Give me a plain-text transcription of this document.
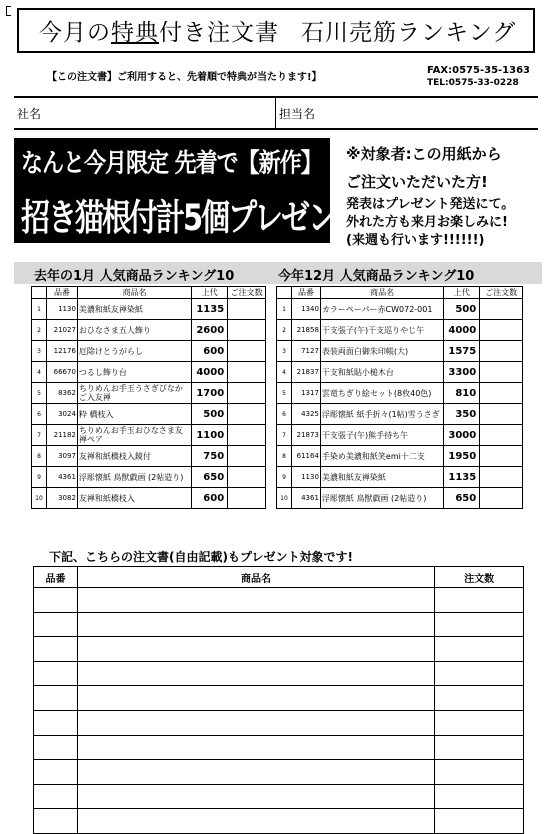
今月の 特典 付き注文書 石川売筋ランキング
【この注文書】ご利用すると、先着順で特典が当たります!】
FAX:0575-35-1363
TEL:0575-33-0228
社名	担当名
なんと今月限定 先着で【新作】
招き猫根付計5個プレゼント!
※対象者:この用紙から
ご注文いただいた方!
発表はプレゼント発送にて。
外れた方も来月お楽しみに!
(来週も行います!!!!!!)
去年の1月 人気商品ランキング10	今年12月 人気商品ランキング10
	品番	商品名	上代	ご注文数
1	1130	美濃和紙友禅染紙	1135	
2	21027	おひなさま五人飾り	2600	
3	12176	厄除けとうがらし	600	
4	66670	つるし飾り台	4000	
5	8362	ちりめんお手玉うさぎびなかご入友禅	1700	
6	3024	粋 橋枝入	500	
7	21182	ちりめんお手玉おひなさま友禅ペア	1100	
8	3097	友禅和紙橋枝入鏡付	750	
9	4361	浮彫懐紙 鳥獣戯画 (2帖造り)	650	
10	3082	友禅和紙橋枝入	600	
	品番	商品名	上代	ご注文数
1	1340	カラーペーパー赤CW072-001	500	
2	21858	干支張子(午)干支巡りやじ午	4000	
3	7127	表装両面白御朱印帳(大)	1575	
4	21837	干支和紙貼小槌木台	3300	
5	1317	雲竜ちぎり絵セット(8枚40色)	810	
6	4325	浮彫懐紙 紙手折々(1帖)雪うさぎ	350	
7	21873	干支張子(午)熊手持ち午	3000	
8	61164	手染め美濃和紙笑emi十二支	1950	
9	1130	美濃和紙友禅染紙	1135	
10	4361	浮彫懐紙 鳥獣戯画 (2帖造り)	650	
下記、こちらの注文書(自由記載)もプレゼント対象です!
品番	商品名	注文数
